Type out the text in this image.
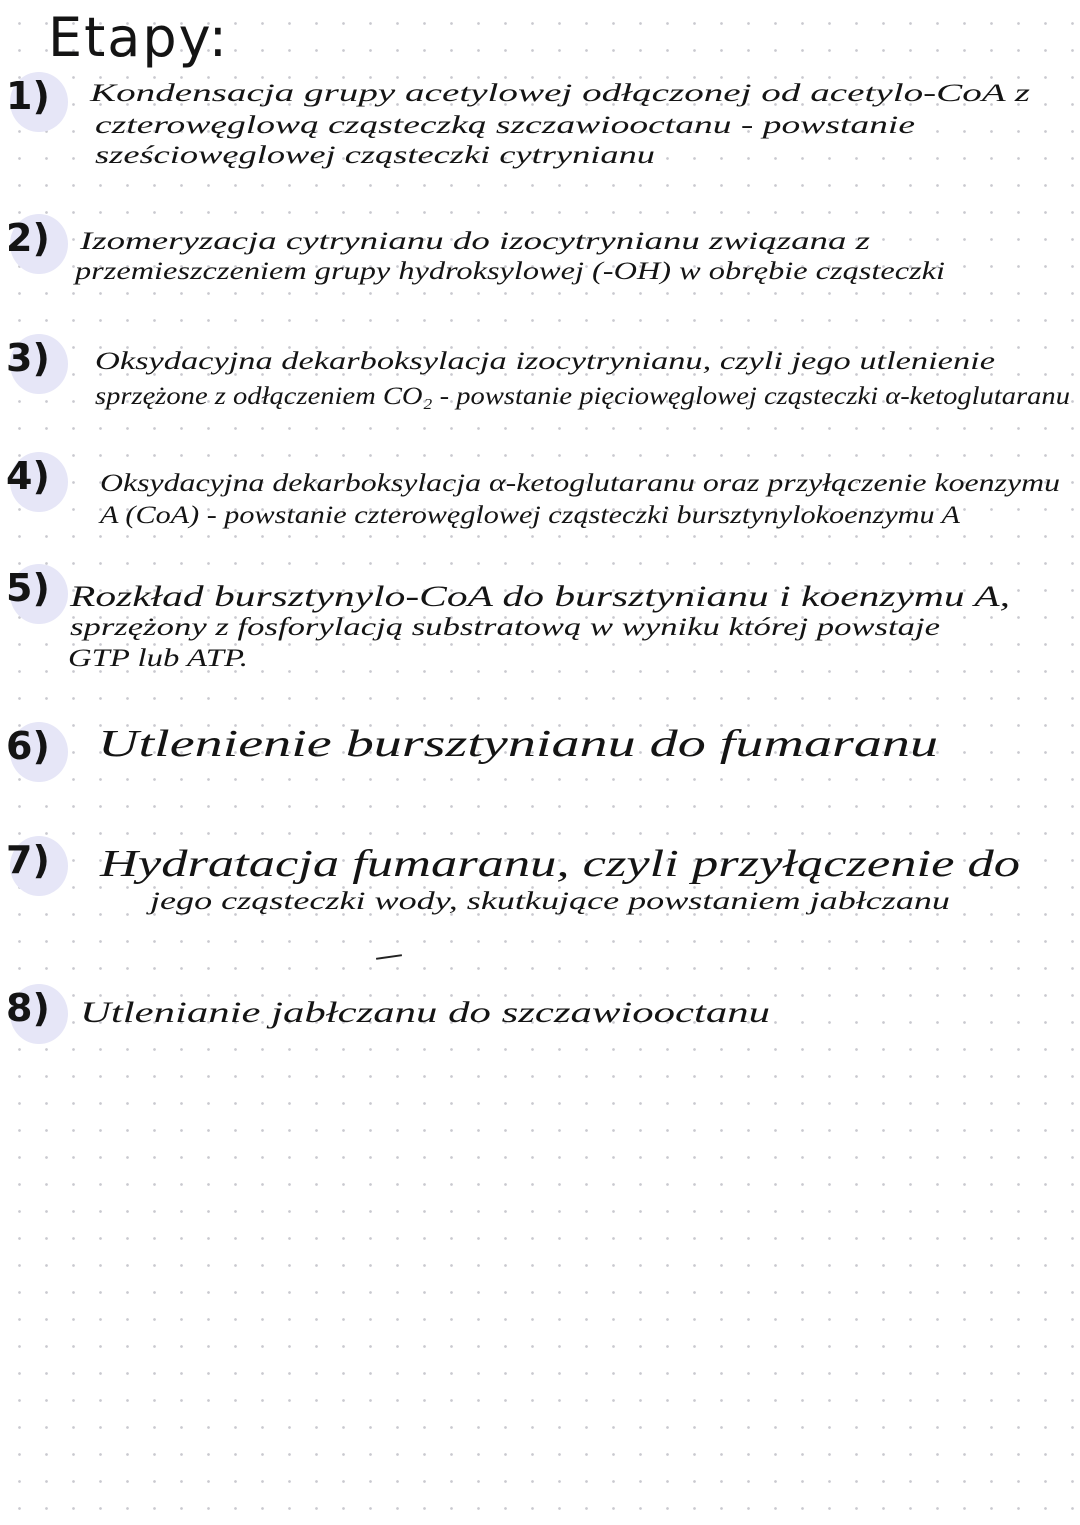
Etapy:
1) Kondensacja grupy acetylowej odłączonej od acetylo-CoA z
czterowęglową cząsteczką szczawiooctanu - powstanie
sześciowęglowej cząsteczki cytrynianu
2) Izomeryzacja cytrynianu do izocytrynianu związana z
przemieszczeniem grupy hydroksylowej (-OH) w obrębie cząsteczki
3) Oksydacyjna dekarboksylacja izocytrynianu, czyli jego utlenienie
sprzężone z odłączeniem CO₂ - powstanie pięciowęglowej cząsteczki α-ketoglutaranu
4) Oksydacyjna dekarboksylacja α-ketoglutaranu oraz przyłączenie koenzymu
A (CoA) - powstanie czterowęglowej cząsteczki bursztynylokoenzymu A
5) Rozkład bursztynylo-CoA do bursztynianu i koenzymu A,
sprzężony z fosforylacją substratową w wyniku której powstaje
GTP lub ATP.
6) Utlenienie bursztynianu do fumaranu
7) Hydratacja fumaranu, czyli przyłączenie do
jego cząsteczki wody, skutkujące powstaniem jabłczanu
8) Utlenianie jabłczanu do szczawiooctanu
